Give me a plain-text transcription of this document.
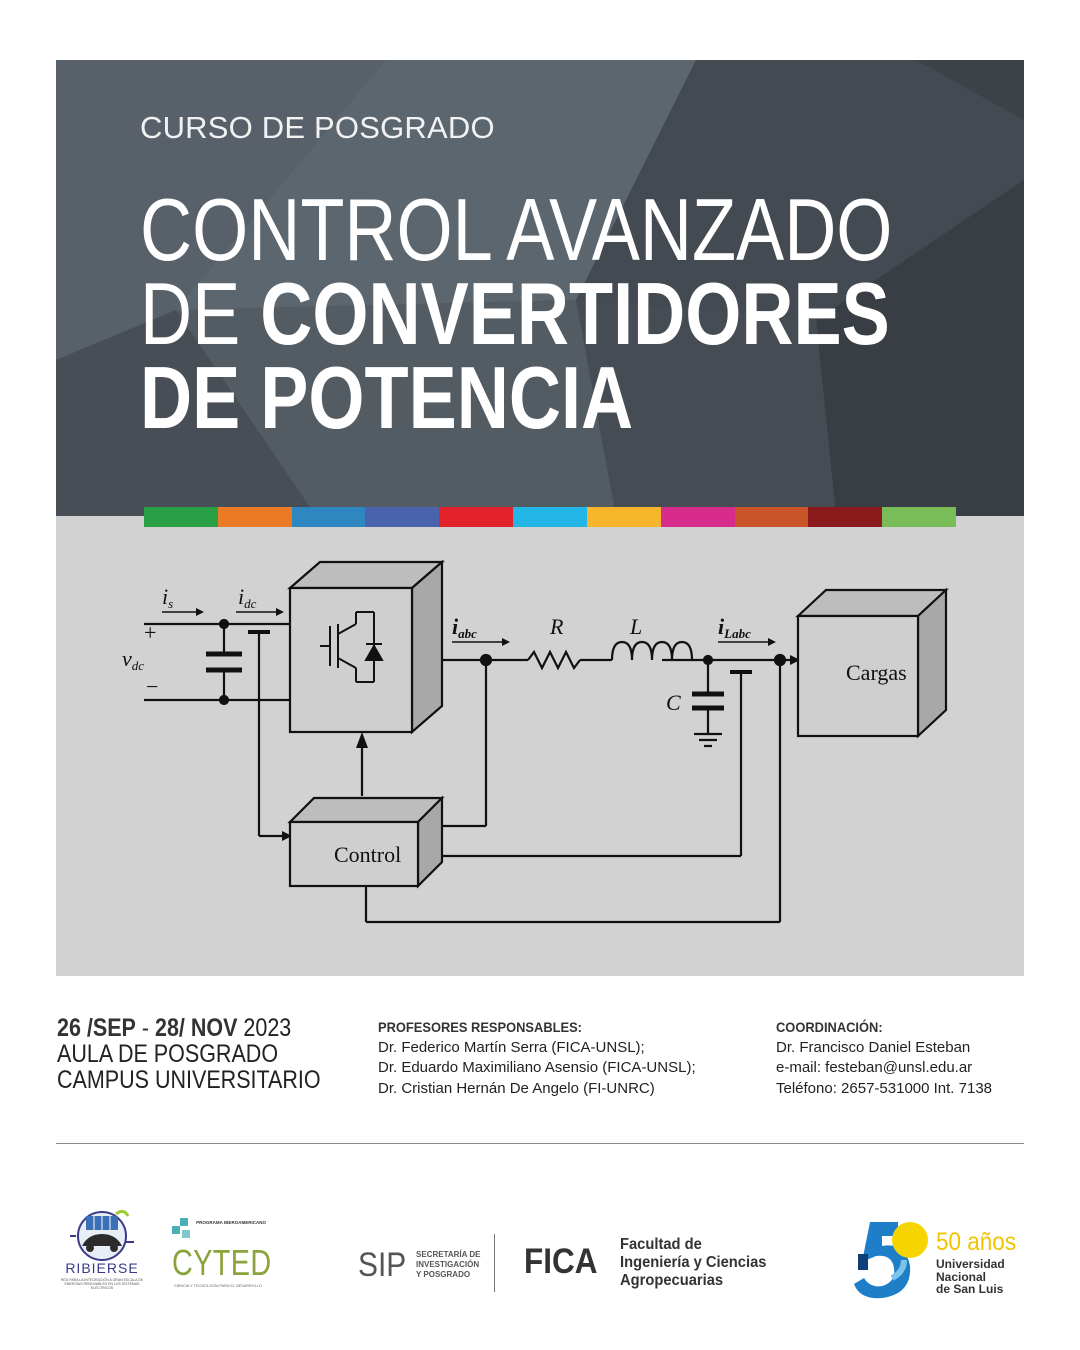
CURSO DE POSGRADO
CONTROL AVANZADO
DE CONVERTIDORES
DE POTENCIA
is	idc
vdc
iabc	R	L
C
iLabc
+
−
Cargas
Control
26 /SEP - 28/ NOV 2023
AULA DE POSGRADO
CAMPUS UNIVERSITARIO
PROFESORES RESPONSABLES:
Dr. Federico Martín Serra (FICA-UNSL);
Dr. Eduardo Maximiliano Asensio (FICA-UNSL);
Dr. Cristian Hernán De Angelo (FI-UNRC)
COORDINACIÓN:
Dr. Francisco Daniel Esteban
e-mail: festeban@unsl.edu.ar
Teléfono: 2657-531000 Int. 7138
RIBIERSE
RED PARA LA INTEGRACIÓN A GRAN ESCALA DE ENERGÍAS RENOVABLES EN LOS SISTEMAS ELÉCTRICOS
PROGRAMA IBEROAMERICANO
CYTED
CIENCIA Y TECNOLOGÍA PARA EL DESARROLLO
SIP SECRETARÍA DE
INVESTIGACIÓN
Y POSGRADO FICA Facultad de
Ingeniería y Ciencias
Agropecuarias
50 años
Universidad
Nacional
de San Luis
